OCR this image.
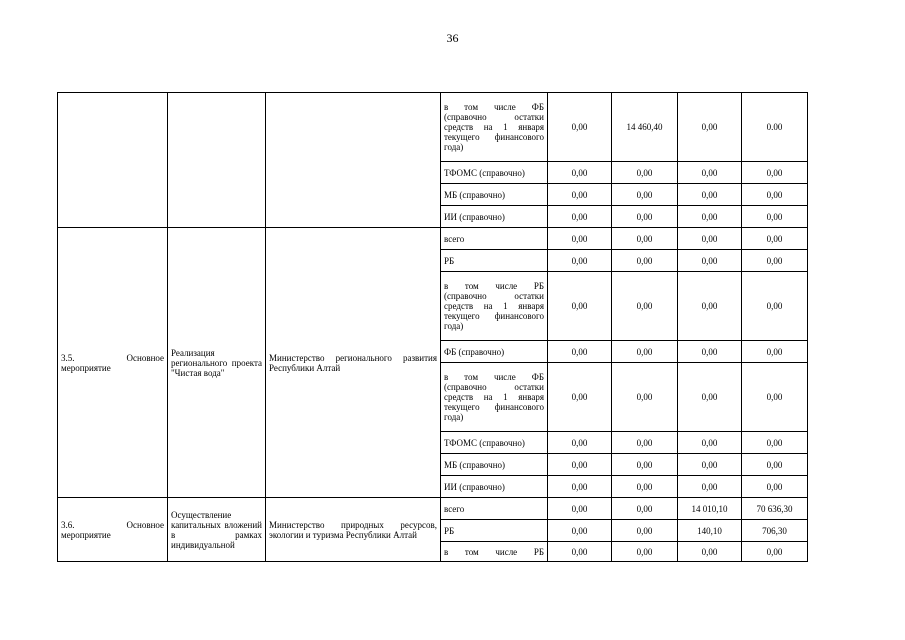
36
			в том числе ФБ (справочно остатки средств на 1 января текущего финансового года)	0,00	14 460,40	0,00	0.00
			ТФОМС (справочно)	0,00	0,00	0,00	0,00
			МБ (справочно)	0,00	0,00	0,00	0,00
			ИИ (справочно)	0,00	0,00	0,00	0,00
3.5. Основное мероприятие	Реализация регионального проекта "Чистая вода"	Министерство регионального развития Республики Алтай	всего	0,00	0,00	0,00	0,00
			РБ	0,00	0,00	0,00	0,00
			в том числе РБ (справочно остатки средств на 1 января текущего финансового года)	0,00	0,00	0,00	0,00
			ФБ (справочно)	0,00	0,00	0,00	0,00
			в том числе ФБ (справочно остатки средств на 1 января текущего финансового года)	0,00	0,00	0,00	0,00
			ТФОМС (справочно)	0,00	0,00	0,00	0,00
			МБ (справочно)	0,00	0,00	0,00	0,00
			ИИ (справочно)	0,00	0,00	0,00	0,00
3.6. Основное мероприятие	Осуществление капитальных вложений в рамках индивидуальной	Министерство природных ресурсов, экологии и туризма Республики Алтай	всего	0,00	0,00	14 010,10	70 636,30
			РБ	0,00	0,00	140,10	706,30
			в том числе РБ	0,00	0,00	0,00	0,00
